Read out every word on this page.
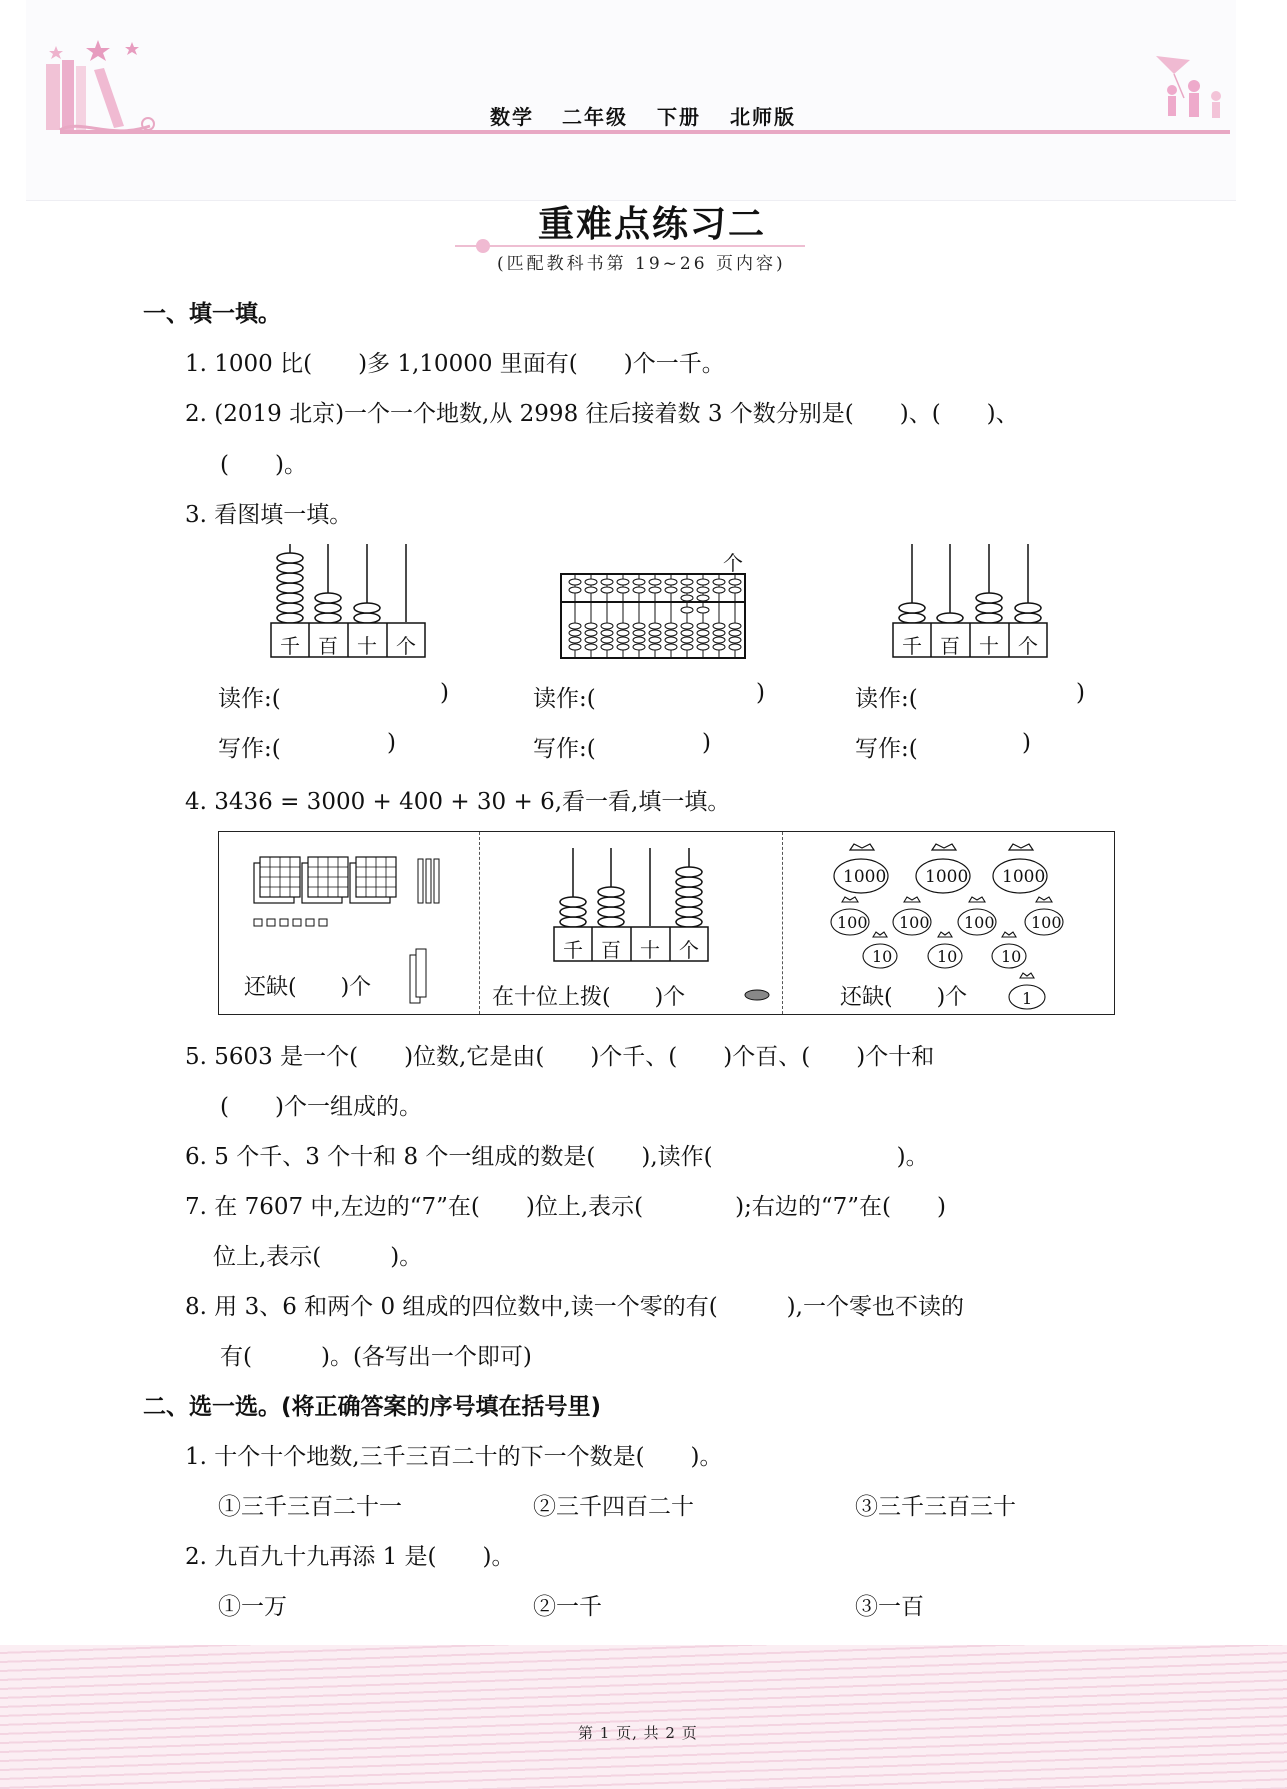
数学 二年级 下册 北师版
重难点练习二
(匹配教科书第 19~26 页内容)
一、填一填。
1. 1000 比(　　)多 1,10000 里面有(　　)个一千。
2. (2019 北京)一个一个地数,从 2998 往后接着数 3 个数分别是(　　)、(　　)、
(　　)。
3. 看图填一填。
千 百 十 个
个
千 百 十 个
读作:(	)	读作:(	)	读作:(	)
写作:(	)	写作:(	)	写作:(	)
4. 3436 = 3000 + 400 + 30 + 6,看一看,填一填。
还缺(　　)个
千 百 十 个
在十位上拨(　　)个
1000 1000 1000
100 100 100 100
10	10	10
还缺(　　)个	1
5. 5603 是一个(　　)位数,它是由(　　)个千、(　　)个百、(　　)个十和
(　　)个一组成的。
6. 5 个千、3 个十和 8 个一组成的数是(　　),读作(　　　　　　　　)。
7. 在 7607 中,左边的“7”在(　　)位上,表示(　　　　);右边的“7”在(　　)
位上,表示(　　　)。
8. 用 3、6 和两个 0 组成的四位数中,读一个零的有(　　　),一个零也不读的
有(　　　)。(各写出一个即可)
二、选一选。(将正确答案的序号填在括号里)
1. 十个十个地数,三千三百二十的下一个数是(　　)。
①三千三百二十一	②三千四百二十	③三千三百三十
2. 九百九十九再添 1 是(　　)。
①一万	②一千	③一百
第 1 页, 共 2 页
